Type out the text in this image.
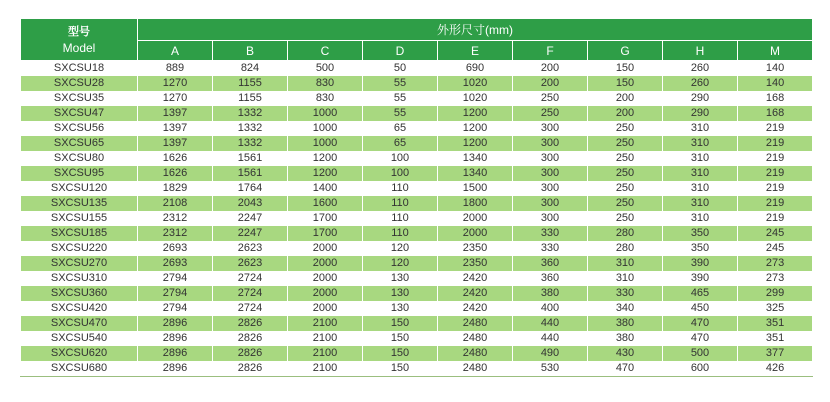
型号
Model	外形尺寸(mm)								
	A	B	C	D	E	F	G	H	M
SXCSU18	889	824	500	50	690	200	150	260	140
SXCSU28	1270	1155	830	55	1020	200	150	260	140
SXCSU35	1270	1155	830	55	1020	250	200	290	168
SXCSU47	1397	1332	1000	55	1200	250	200	290	168
SXCSU56	1397	1332	1000	65	1200	300	250	310	219
SXCSU65	1397	1332	1000	65	1200	300	250	310	219
SXCSU80	1626	1561	1200	100	1340	300	250	310	219
SXCSU95	1626	1561	1200	100	1340	300	250	310	219
SXCSU120	1829	1764	1400	110	1500	300	250	310	219
SXCSU135	2108	2043	1600	110	1800	300	250	310	219
SXCSU155	2312	2247	1700	110	2000	300	250	310	219
SXCSU185	2312	2247	1700	110	2000	330	280	350	245
SXCSU220	2693	2623	2000	120	2350	330	280	350	245
SXCSU270	2693	2623	2000	120	2350	360	310	390	273
SXCSU310	2794	2724	2000	130	2420	360	310	390	273
SXCSU360	2794	2724	2000	130	2420	380	330	465	299
SXCSU420	2794	2724	2000	130	2420	400	340	450	325
SXCSU470	2896	2826	2100	150	2480	440	380	470	351
SXCSU540	2896	2826	2100	150	2480	440	380	470	351
SXCSU620	2896	2826	2100	150	2480	490	430	500	377
SXCSU680	2896	2826	2100	150	2480	530	470	600	426
